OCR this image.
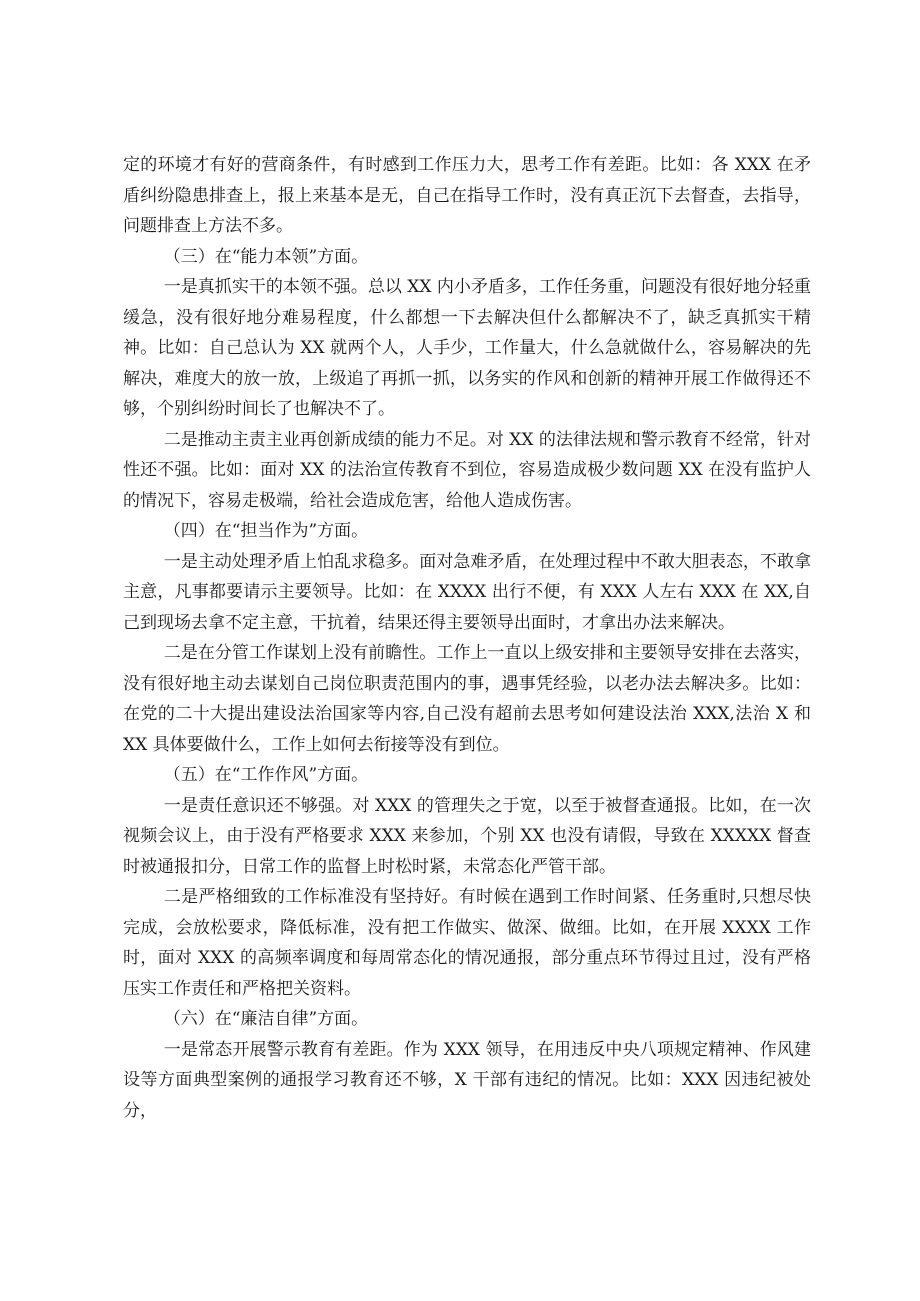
定的环境才有好的营商条件，有时感到工作压力大，思考工作有差距。比如：各 XXX 在矛盾纠纷隐患排查上，报上来基本是无，自己在指导工作时，没有真正沉下去督查，去指导，问题排查上方法不多。

（三）在“能力本领”方面。

一是真抓实干的本领不强。总以 XX 内小矛盾多，工作任务重，问题没有很好地分轻重缓急，没有很好地分难易程度，什么都想一下去解决但什么都解决不了，缺乏真抓实干精神。比如：自己总认为 XX 就两个人，人手少，工作量大，什么急就做什么，容易解决的先解决，难度大的放一放，上级追了再抓一抓，以务实的作风和创新的精神开展工作做得还不够，个别纠纷时间长了也解决不了。

二是推动主责主业再创新成绩的能力不足。对 XX 的法律法规和警示教育不经常，针对性还不强。比如：面对 XX 的法治宣传教育不到位，容易造成极少数问题 XX 在没有监护人的情况下，容易走极端，给社会造成危害，给他人造成伤害。

（四）在“担当作为”方面。

一是主动处理矛盾上怕乱求稳多。面对急难矛盾，在处理过程中不敢大胆表态，不敢拿主意，凡事都要请示主要领导。比如：在 XXXX 出行不便，有 XXX 人左右 XXX 在 XX,自己到现场去拿不定主意，干抗着，结果还得主要领导出面时，才拿出办法来解决。

二是在分管工作谋划上没有前瞻性。工作上一直以上级安排和主要领导安排在去落实，没有很好地主动去谋划自己岗位职责范围内的事，遇事凭经验，以老办法去解决多。比如：在党的二十大提出建设法治国家等内容,自己没有超前去思考如何建设法治 XXX,法治 X 和 XX 具体要做什么，工作上如何去衔接等没有到位。

（五）在“工作作风”方面。

一是责任意识还不够强。对 XXX 的管理失之于宽，以至于被督查通报。比如，在一次视频会议上，由于没有严格要求 XXX 来参加，个别 XX 也没有请假，导致在 XXXXX 督查时被通报扣分，日常工作的监督上时松时紧，未常态化严管干部。

二是严格细致的工作标准没有坚持好。有时候在遇到工作时间紧、任务重时,只想尽快完成，会放松要求，降低标准，没有把工作做实、做深、做细。比如，在开展 XXXX 工作时，面对 XXX 的高频率调度和每周常态化的情况通报，部分重点环节得过且过，没有严格压实工作责任和严格把关资料。

（六）在“廉洁自律”方面。

一是常态开展警示教育有差距。作为 XXX 领导，在用违反中央八项规定精神、作风建设等方面典型案例的通报学习教育还不够，X 干部有违纪的情况。比如：XXX 因违纪被处分，
